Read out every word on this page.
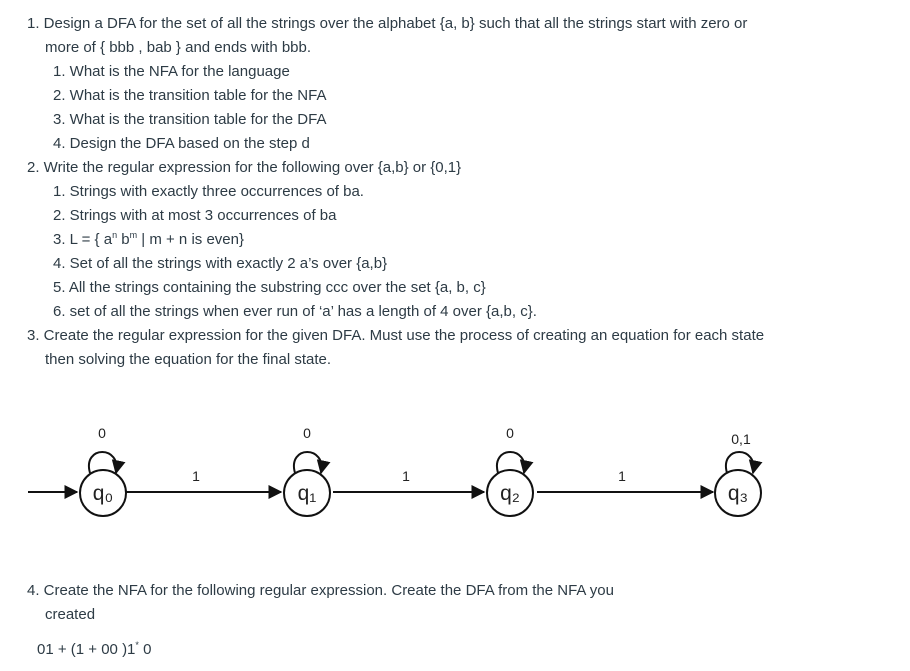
1. Design a DFA for the set of all the strings over the alphabet {a, b} such that all the strings start with zero or
more of { bbb , bab } and ends with bbb.
1. What is the NFA for the language
2. What is the transition table for the NFA
3. What is the transition table for the DFA
4. Design the DFA based on the step d
2. Write the regular expression for the following over {a,b} or {0,1}
1. Strings with exactly three occurrences of ba.
2. Strings with at most 3 occurrences of ba
3. L = { $a^n$ $b^m$ | m + n is even}
4. Set of all the strings with exactly 2 a’s over {a,b}
5. All the strings containing the substring ccc over the set {a, b, c}
6. set of all the strings when ever run of ‘a’ has a length of 4 over {a,b, c}.
3. Create the regular expression for the given DFA. Must use the process of creating an equation for each state
then solving the equation for the final state.
1	1	1
0	0	0	0,1
q₀	q₁	q₂	q₃
4. Create the NFA for the following regular expression. Create the DFA from the NFA you
created
01 + (1 + 00 )1* 0
